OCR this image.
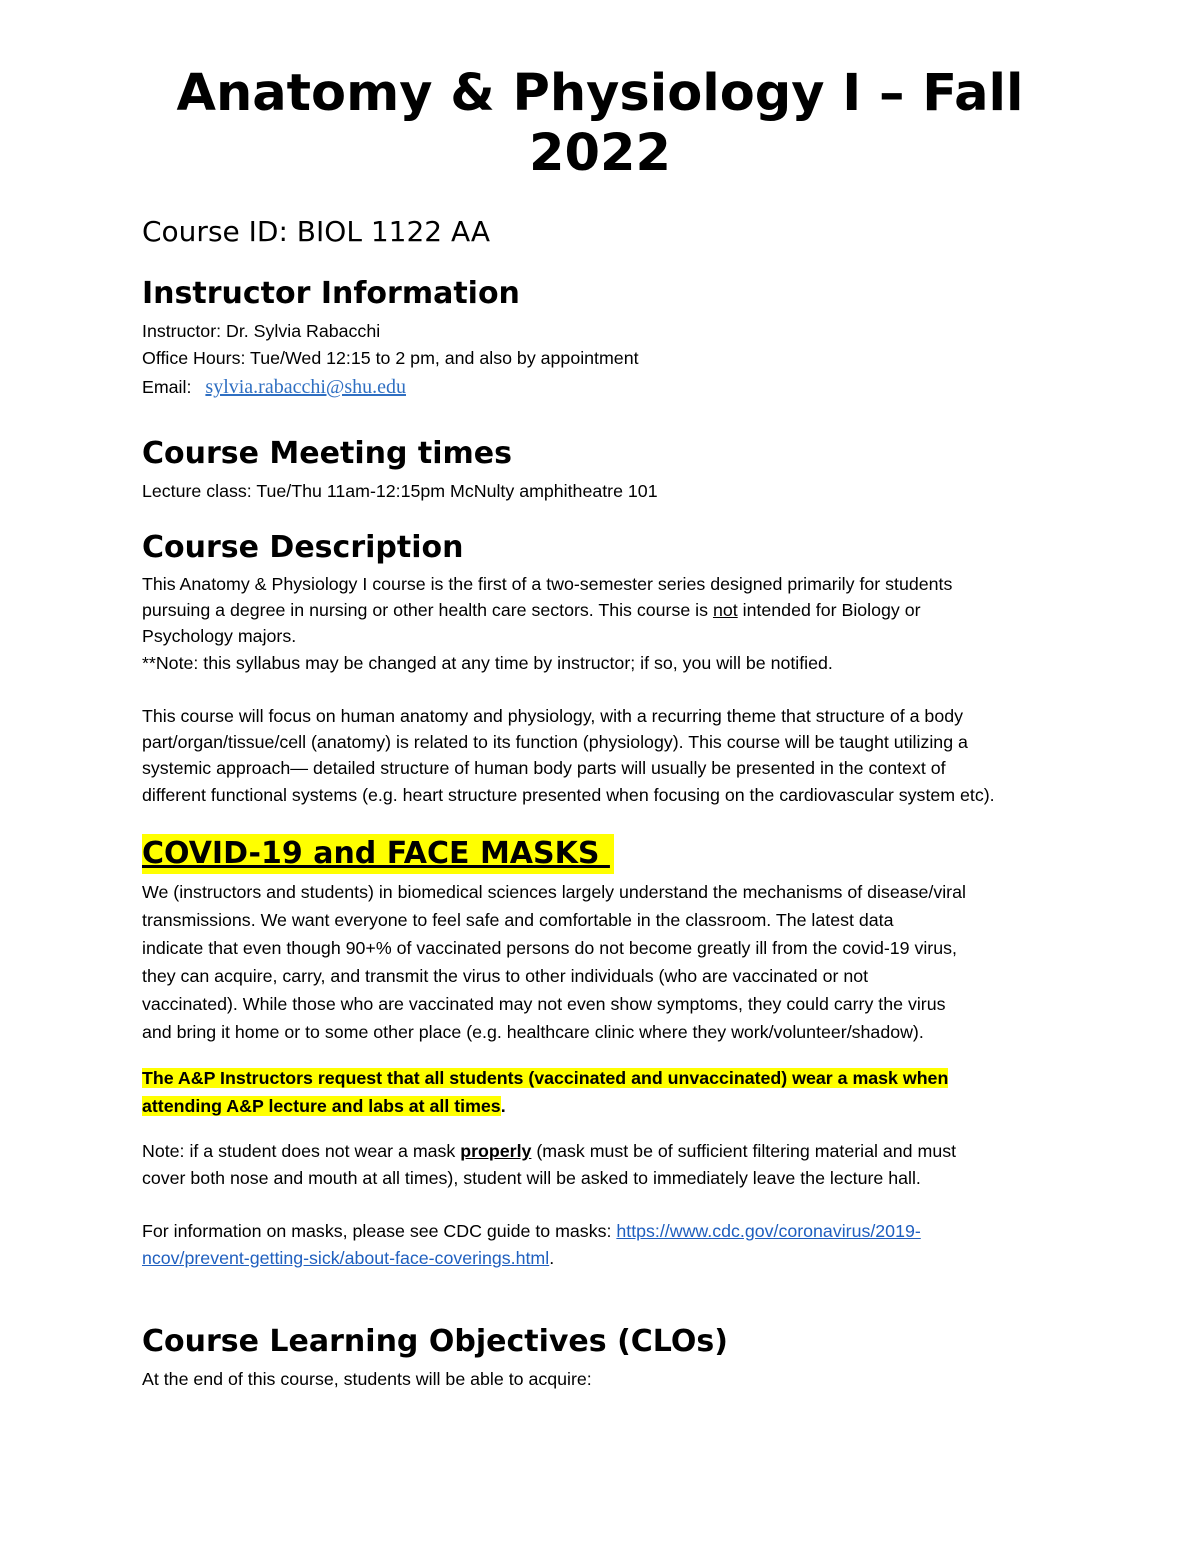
Anatomy & Physiology I – Fall
2022
Course ID: BIOL 1122 AA
Instructor Information
Instructor: Dr. Sylvia Rabacchi
Office Hours: Tue/Wed 12:15 to 2 pm, and also by appointment
Email: sylvia.rabacchi@shu.edu
Course Meeting times
Lecture class: Tue/Thu 11am-12:15pm McNulty amphitheatre 101
Course Description
This Anatomy & Physiology I course is the first of a two-semester series designed primarily for students
pursuing a degree in nursing or other health care sectors. This course is not intended for Biology or
Psychology majors.
**Note: this syllabus may be changed at any time by instructor; if so, you will be notified.
This course will focus on human anatomy and physiology, with a recurring theme that structure of a body
part/organ/tissue/cell (anatomy) is related to its function (physiology). This course will be taught utilizing a
systemic approach— detailed structure of human body parts will usually be presented in the context of
different functional systems (e.g. heart structure presented when focusing on the cardiovascular system etc).
COVID-19 and FACE MASKS
We (instructors and students) in biomedical sciences largely understand the mechanisms of disease/viral
transmissions. We want everyone to feel safe and comfortable in the classroom. The latest data
indicate that even though 90+% of vaccinated persons do not become greatly ill from the covid-19 virus,
they can acquire, carry, and transmit the virus to other individuals (who are vaccinated or not
vaccinated). While those who are vaccinated may not even show symptoms, they could carry the virus
and bring it home or to some other place (e.g. healthcare clinic where they work/volunteer/shadow).
The A&P Instructors request that all students (vaccinated and unvaccinated) wear a mask when
attending A&P lecture and labs at all times.
Note: if a student does not wear a mask properly (mask must be of sufficient filtering material and must
cover both nose and mouth at all times), student will be asked to immediately leave the lecture hall.
For information on masks, please see CDC guide to masks: https://www.cdc.gov/coronavirus/2019-
ncov/prevent-getting-sick/about-face-coverings.html.
Course Learning Objectives (CLOs)
At the end of this course, students will be able to acquire:
